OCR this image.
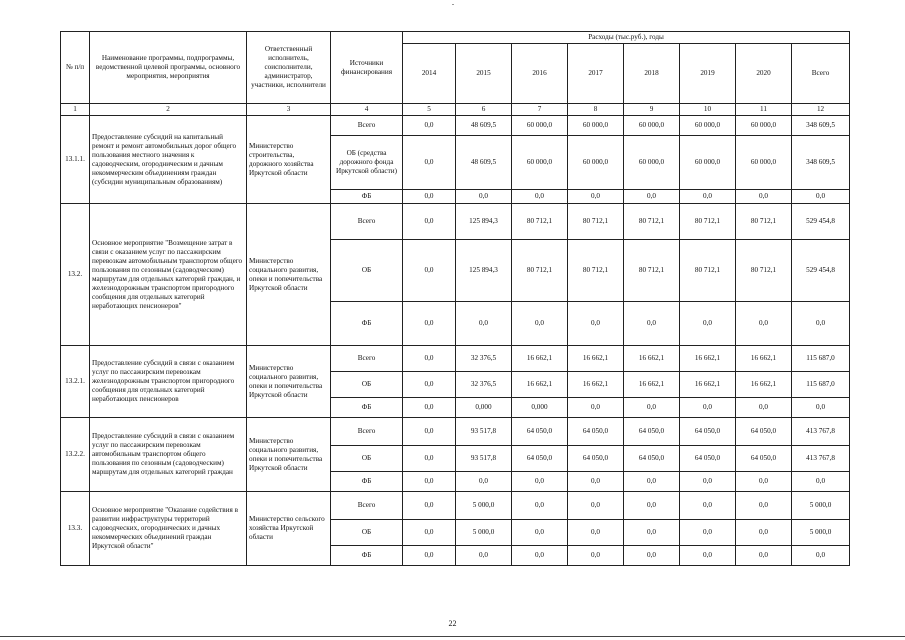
№ п/п	Наименование программы, подпрограммы, ведомственной целевой программы, основного мероприятия, мероприятия	Ответственный исполнитель, соисполнители, администратор, участники, исполнители	Источники финансирования	Расходы (тыс.руб.), годы							
				2014	2015	2016	2017	2018	2019	2020	Всего
1	2	3	4	5	6	7	8	9	10	11	12
13.1.1.	Предоставление субсидий на капитальный ремонт и ремонт автомобильных дорог общего пользования местного значения к садоводческим, огородническим и дачным некоммерческим объединениям граждан (субсидии муниципальным образованиям)	Министерство строительства, дорожного хозяйства Иркутской области	Всего	0,0	48 609,5	60 000,0	60 000,0	60 000,0	60 000,0	60 000,0	348 609,5
			ОБ (средства дорожного фонда Иркутской области)	0,0	48 609,5	60 000,0	60 000,0	60 000,0	60 000,0	60 000,0	348 609,5
			ФБ	0,0	0,0	0,0	0,0	0,0	0,0	0,0	0,0
13.2.	Основное мероприятие "Возмещение затрат в связи с оказанием услуг по пассажирским перевозкам автомобильным транспортом общего пользования по сезонным (садоводческим) маршрутам для отдельных категорий граждан, и железнодорожным транспортом пригородного сообщения для отдельных категорий неработающих пенсионеров"	Министерство социального развития, опеки и попечительства Иркутской области	Всего	0,0	125 894,3	80 712,1	80 712,1	80 712,1	80 712,1	80 712,1	529 454,8
			ОБ	0,0	125 894,3	80 712,1	80 712,1	80 712,1	80 712,1	80 712,1	529 454,8
			ФБ	0,0	0,0	0,0	0,0	0,0	0,0	0,0	0,0
13.2.1.	Предоставление субсидий в связи с оказанием услуг по пассажирским перевозкам железнодорожным транспортом пригородного сообщения для отдельных категорий неработающих пенсионеров	Министерство социального развития, опеки и попечительства Иркутской области	Всего	0,0	32 376,5	16 662,1	16 662,1	16 662,1	16 662,1	16 662,1	115 687,0
			ОБ	0,0	32 376,5	16 662,1	16 662,1	16 662,1	16 662,1	16 662,1	115 687,0
			ФБ	0,0	0,000	0,000	0,0	0,0	0,0	0,0	0,0
13.2.2.	Предоставление субсидий в связи с оказанием услуг по пассажирским перевозкам автомобильным транспортом общего пользования по сезонным (садоводческим) маршрутам для отдельных категорий граждан	Министерство социального развития, опеки и попечительства Иркутской области	Всего	0,0	93 517,8	64 050,0	64 050,0	64 050,0	64 050,0	64 050,0	413 767,8
			ОБ	0,0	93 517,8	64 050,0	64 050,0	64 050,0	64 050,0	64 050,0	413 767,8
			ФБ	0,0	0,0	0,0	0,0	0,0	0,0	0,0	0,0
13.3.	Основное мероприятие "Оказание содействия в развитии инфраструктуры территорий садоводческих, огороднических и дачных некоммерческих объединений граждан Иркутской области"	Министерство сельского хозяйства Иркутской области	Всего	0,0	5 000,0	0,0	0,0	0,0	0,0	0,0	5 000,0
			ОБ	0,0	5 000,0	0,0	0,0	0,0	0,0	0,0	5 000,0
			ФБ	0,0	0,0	0,0	0,0	0,0	0,0	0,0	0,0
22
